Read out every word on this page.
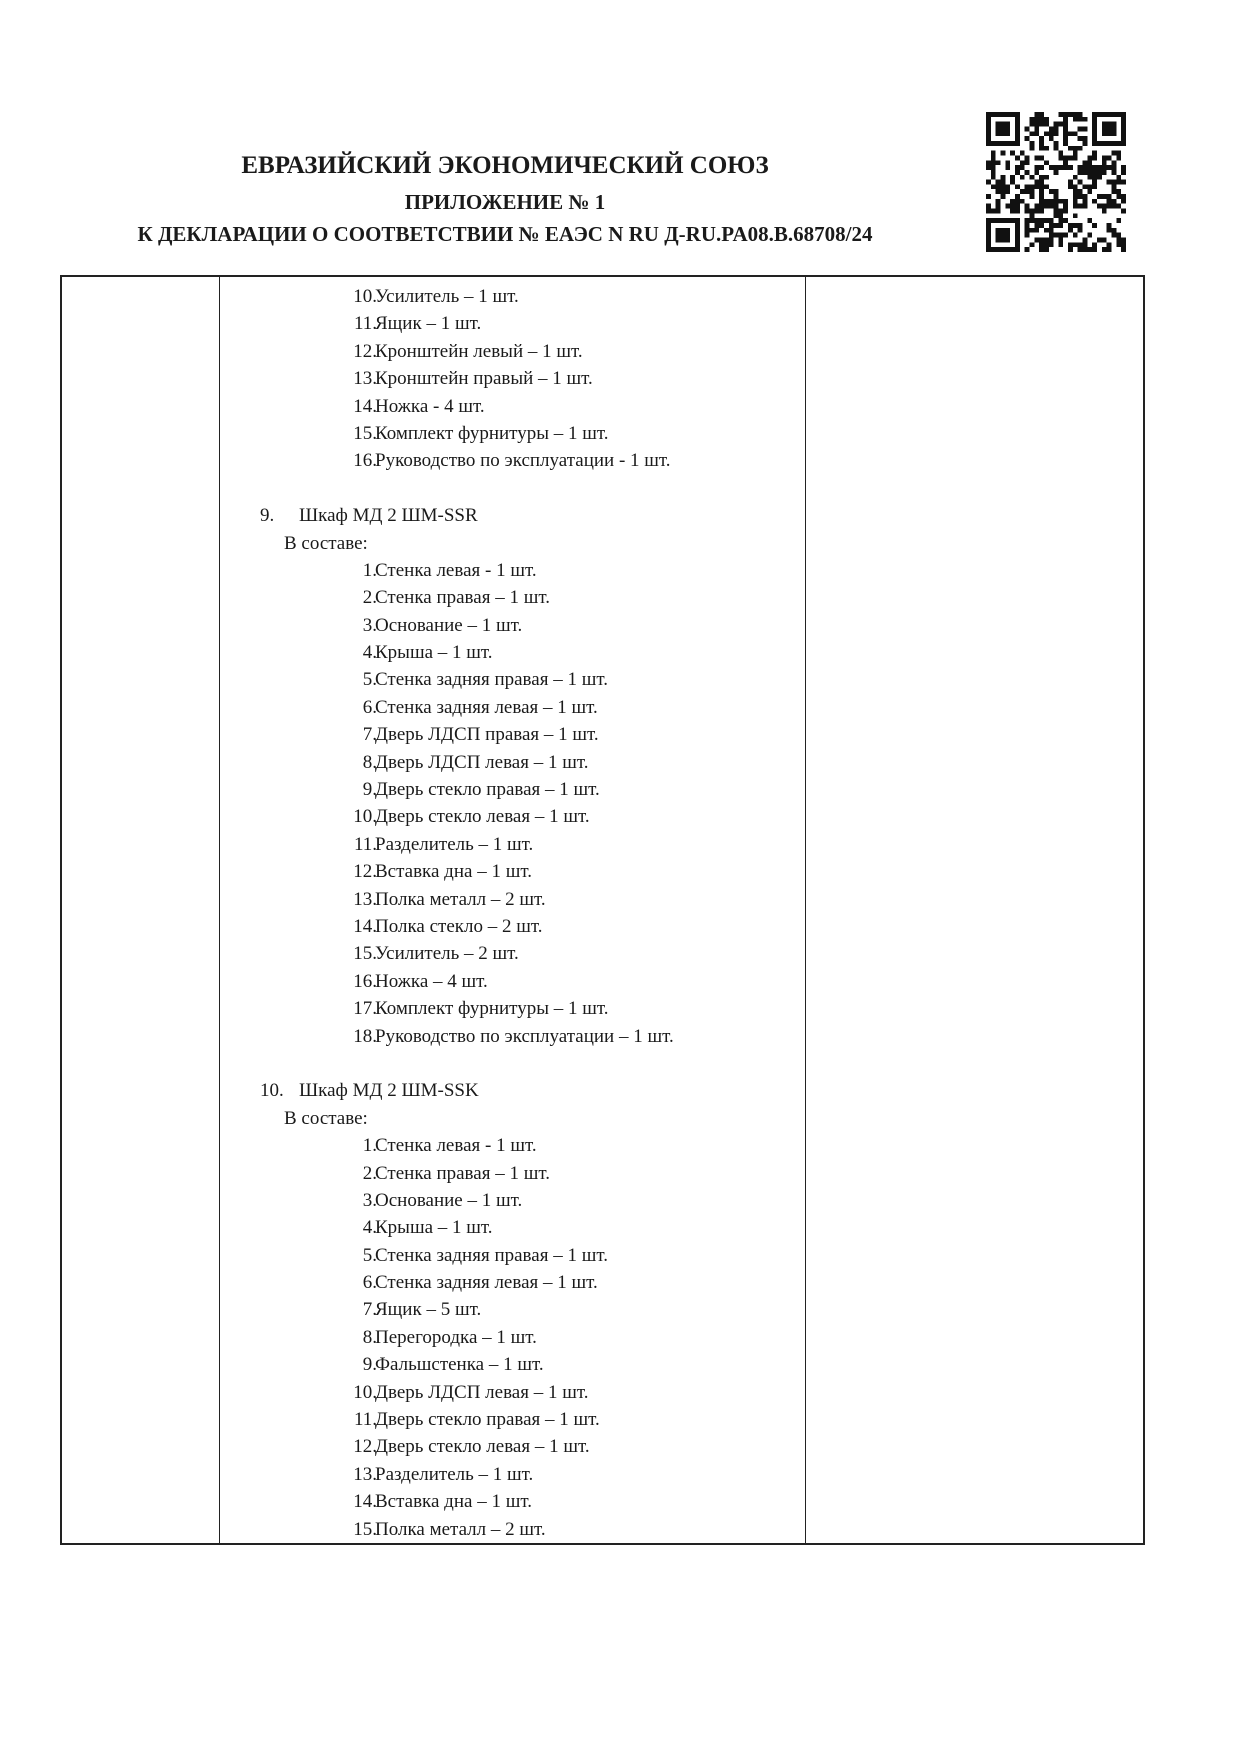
ЕВРАЗИЙСКИЙ ЭКОНОМИЧЕСКИЙ СОЮЗ
ПРИЛОЖЕНИЕ № 1
К ДЕКЛАРАЦИИ О СООТВЕТСТВИИ № ЕАЭС N RU Д-RU.PA08.B.68708/24
10.
Усилитель – 1 шт.
11.
Ящик – 1 шт.
12.
Кронштейн левый – 1 шт.
13.
Кронштейн правый – 1 шт.
14.
Ножка - 4 шт.
15.
Комплект фурнитуры – 1 шт.
16.
Руководство по эксплуатации - 1 шт.
9. Шкаф МД 2 ШМ-SSR
В составе:
1.
Стенка левая - 1 шт.
2.
Стенка правая – 1 шт.
3.
Основание – 1 шт.
4.
Крыша – 1 шт.
5.
Стенка задняя правая – 1 шт.
6.
Стенка задняя левая – 1 шт.
7.
Дверь ЛДСП правая – 1 шт.
8.
Дверь ЛДСП левая – 1 шт.
9.
Дверь стекло правая – 1 шт.
10.
Дверь стекло левая – 1 шт.
11.
Разделитель – 1 шт.
12.
Вставка дна – 1 шт.
13.
Полка металл – 2 шт.
14.
Полка стекло – 2 шт.
15.
Усилитель – 2 шт.
16.
Ножка – 4 шт.
17.
Комплект фурнитуры – 1 шт.
18.
Руководство по эксплуатации – 1 шт.
10. Шкаф МД 2 ШМ-SSK
В составе:
1.
Стенка левая - 1 шт.
2.
Стенка правая – 1 шт.
3.
Основание – 1 шт.
4.
Крыша – 1 шт.
5.
Стенка задняя правая – 1 шт.
6.
Стенка задняя левая – 1 шт.
7.
Ящик – 5 шт.
8.
Перегородка – 1 шт.
9.
Фальшстенка – 1 шт.
10.
Дверь ЛДСП левая – 1 шт.
11.
Дверь стекло правая – 1 шт.
12.
Дверь стекло левая – 1 шт.
13.
Разделитель – 1 шт.
14.
Вставка дна – 1 шт.
15.
Полка металл – 2 шт.
